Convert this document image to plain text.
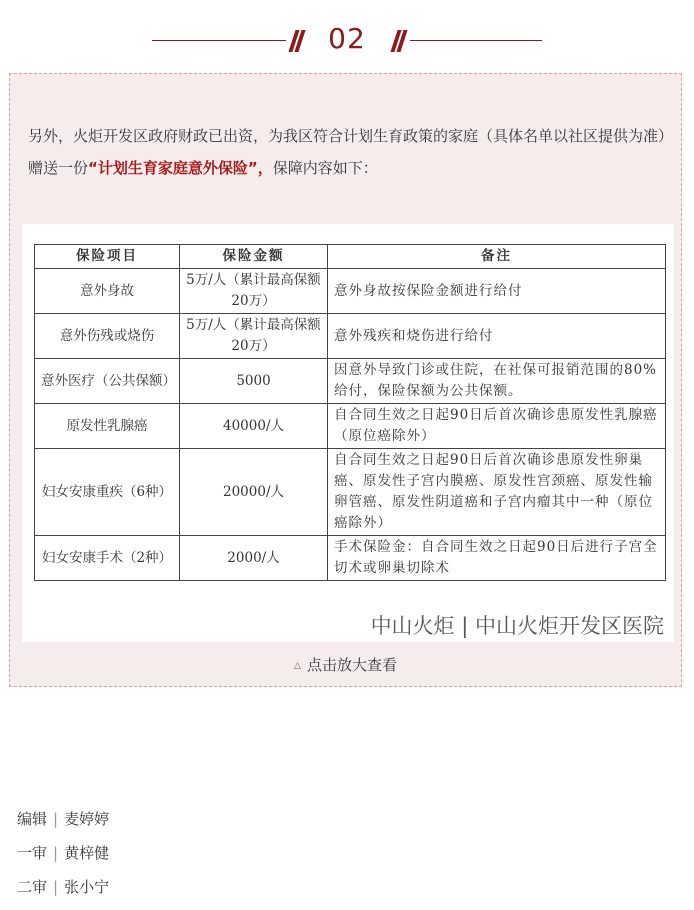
02
另外，火炬开发区政府财政已出资，为我区符合计划生育政策的家庭（具体名单以社区提供为准）赠送一份“计划生育家庭意外保险”，保障内容如下：
保险项目	保险金额	备注
意外身故	5万/人（累计最高保额20万）	意外身故按保险金额进行给付
意外伤残或烧伤	5万/人（累计最高保额20万）	意外残疾和烧伤进行给付
意外医疗（公共保额）	5000	因意外导致门诊或住院，在社保可报销范围的80%给付，保险保额为公共保额。
原发性乳腺癌	40000/人	自合同生效之日起90日后首次确诊患原发性乳腺癌（原位癌除外）
妇女安康重疾（6种）	20000/人	自合同生效之日起90日后首次确诊患原发性卵巢癌、原发性子宫内膜癌、原发性宫颈癌、原发性输卵管癌、原发性阴道癌和子宫内瘤其中一种（原位癌除外）
妇女安康手术（2种）	2000/人	手术保险金：自合同生效之日起90日后进行子宫全切术或卵巢切除术
中山火炬 | 中山火炬开发区医院
△ 点击放大查看
编辑 | 麦婷婷
一审 | 黄梓健
二审 | 张小宁
